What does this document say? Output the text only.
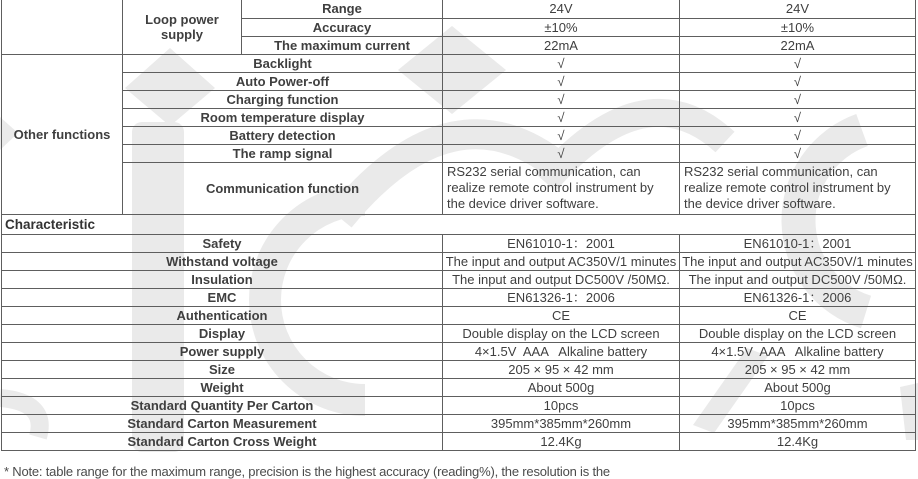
	Loop power supply	Range	24V	24V
		Accuracy	±10%	±10%
		The maximum current	22mA	22mA
Other functions	Backlight		√	√
	Auto Power-off		√	√
	Charging function		√	√
	Room temperature display		√	√
	Battery detection		√	√
	The ramp signal		√	√
	Communication function		RS232 serial communication, can realize remote control instrument by the device driver software.	RS232 serial communication, can realize remote control instrument by the device driver software.
Characteristic				
Safety			EN61010-1：2001	EN61010-1：2001
Withstand voltage			The input and output AC350V/1 minutes	The input and output AC350V/1 minutes
Insulation			The input and output DC500V /50MΩ.	The input and output DC500V /50MΩ.
EMC			EN61326-1：2006	EN61326-1：2006
Authentication			CE	CE
Display			Double display on the LCD screen	Double display on the LCD screen
Power supply			4×1.5V  AAA   Alkaline battery	4×1.5V  AAA   Alkaline battery
Size			205 × 95 × 42 mm	205 × 95 × 42 mm
Weight			About 500g	About 500g
Standard Quantity Per Carton			10pcs	10pcs
Standard Carton Measurement			395mm*385mm*260mm	395mm*385mm*260mm
Standard Carton Cross Weight			12.4Kg	12.4Kg
* Note: table range for the maximum range, precision is the highest accuracy (reading%), the resolution is the
